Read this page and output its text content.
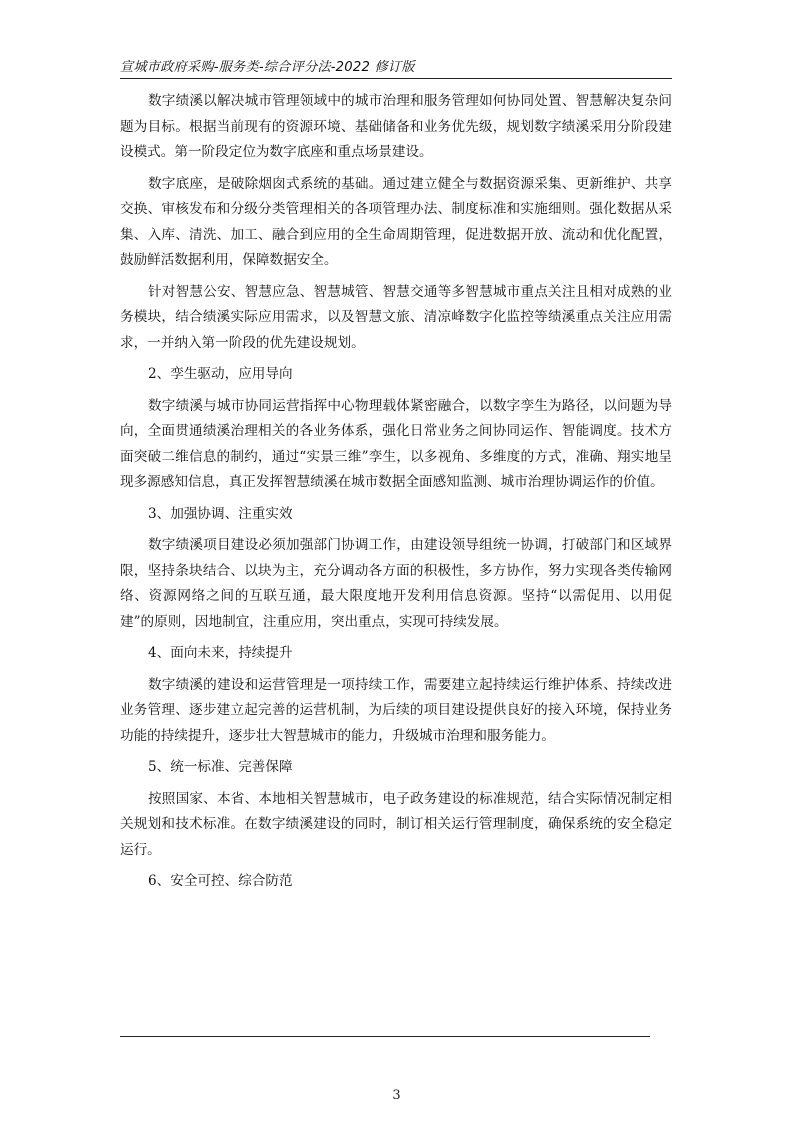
宣城市政府采购-服务类-综合评分法-2022 修订版

数字绩溪以解决城市管理领域中的城市治理和服务管理如何协同处置、智慧解决复杂问题为目标。根据当前现有的资源环境、基础储备和业务优先级，规划数字绩溪采用分阶段建设模式。第一阶段定位为数字底座和重点场景建设。

数字底座，是破除烟囱式系统的基础。通过建立健全与数据资源采集、更新维护、共享交换、审核发布和分级分类管理相关的各项管理办法、制度标准和实施细则。强化数据从采集、入库、清洗、加工、融合到应用的全生命周期管理，促进数据开放、流动和优化配置，鼓励鲜活数据利用，保障数据安全。

针对智慧公安、智慧应急、智慧城管、智慧交通等多智慧城市重点关注且相对成熟的业务模块，结合绩溪实际应用需求，以及智慧文旅、清凉峰数字化监控等绩溪重点关注应用需求，一并纳入第一阶段的优先建设规划。

2、孪生驱动，应用导向

数字绩溪与城市协同运营指挥中心物理载体紧密融合，以数字孪生为路径，以问题为导向，全面贯通绩溪治理相关的各业务体系，强化日常业务之间协同运作、智能调度。技术方面突破二维信息的制约，通过“实景三维”孪生，以多视角、多维度的方式，准确、翔实地呈现多源感知信息，真正发挥智慧绩溪在城市数据全面感知监测、城市治理协调运作的价值。

3、加强协调、注重实效

数字绩溪项目建设必须加强部门协调工作，由建设领导组统一协调，打破部门和区域界限，坚持条块结合、以块为主，充分调动各方面的积极性，多方协作，努力实现各类传输网络、资源网络之间的互联互通，最大限度地开发利用信息资源。坚持“以需促用、以用促建”的原则，因地制宜，注重应用，突出重点，实现可持续发展。

4、面向未来，持续提升

数字绩溪的建设和运营管理是一项持续工作，需要建立起持续运行维护体系、持续改进业务管理、逐步建立起完善的运营机制，为后续的项目建设提供良好的接入环境，保持业务功能的持续提升，逐步壮大智慧城市的能力，升级城市治理和服务能力。

5、统一标准、完善保障

按照国家、本省、本地相关智慧城市，电子政务建设的标准规范，结合实际情况制定相关规划和技术标准。在数字绩溪建设的同时，制订相关运行管理制度，确保系统的安全稳定运行。

6、安全可控、综合防范

3
